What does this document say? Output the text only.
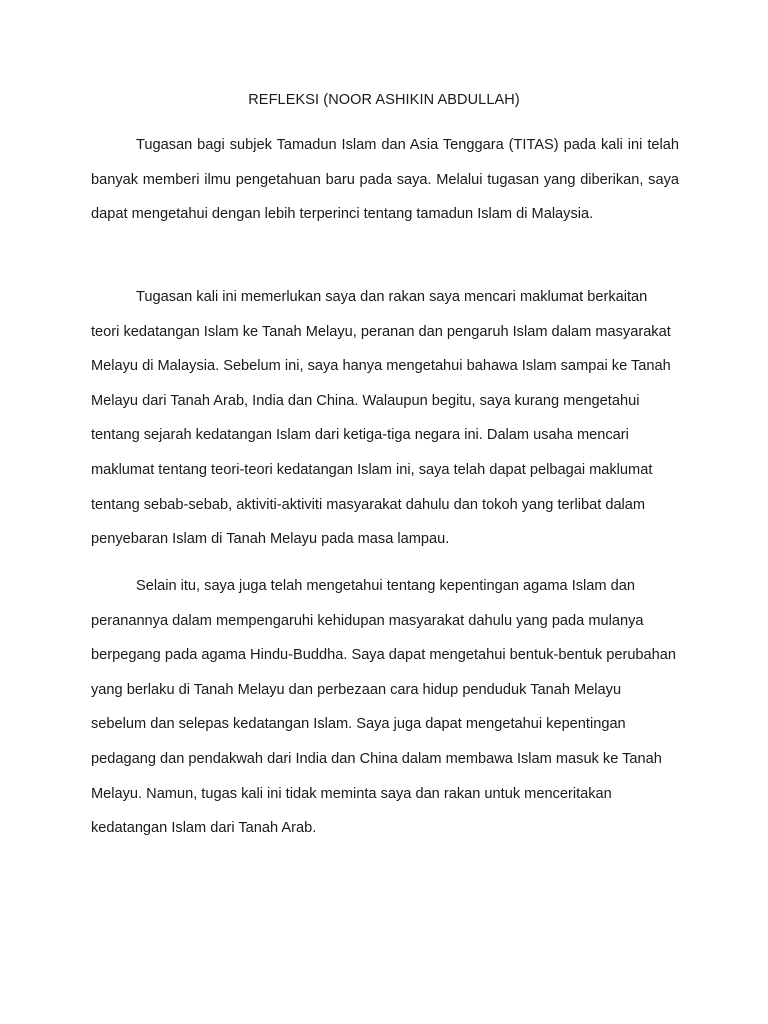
REFLEKSI (NOOR ASHIKIN ABDULLAH)

Tugasan bagi subjek Tamadun Islam dan Asia Tenggara (TITAS) pada kali ini telah banyak memberi ilmu pengetahuan baru pada saya. Melalui tugasan yang diberikan, saya dapat mengetahui dengan lebih terperinci tentang tamadun Islam di Malaysia.

Tugasan kali ini memerlukan saya dan rakan saya mencari maklumat berkaitan teori kedatangan Islam ke Tanah Melayu, peranan dan pengaruh Islam dalam masyarakat Melayu di Malaysia. Sebelum ini, saya hanya mengetahui bahawa Islam sampai ke Tanah Melayu dari Tanah Arab, India dan China. Walaupun begitu, saya kurang mengetahui tentang sejarah kedatangan Islam dari ketiga-tiga negara ini. Dalam usaha mencari maklumat tentang teori-teori kedatangan Islam ini, saya telah dapat pelbagai maklumat tentang sebab-sebab, aktiviti-aktiviti masyarakat dahulu dan tokoh yang terlibat dalam penyebaran Islam di Tanah Melayu pada masa lampau.

Selain itu, saya juga telah mengetahui tentang kepentingan agama Islam dan peranannya dalam mempengaruhi kehidupan masyarakat dahulu yang pada mulanya berpegang pada agama Hindu-Buddha. Saya dapat mengetahui bentuk-bentuk perubahan yang berlaku di Tanah Melayu dan perbezaan cara hidup penduduk Tanah Melayu sebelum dan selepas kedatangan Islam. Saya juga dapat mengetahui kepentingan pedagang dan pendakwah dari India dan China dalam membawa Islam masuk ke Tanah Melayu. Namun, tugas kali ini tidak meminta saya dan rakan untuk menceritakan kedatangan Islam dari Tanah Arab.
